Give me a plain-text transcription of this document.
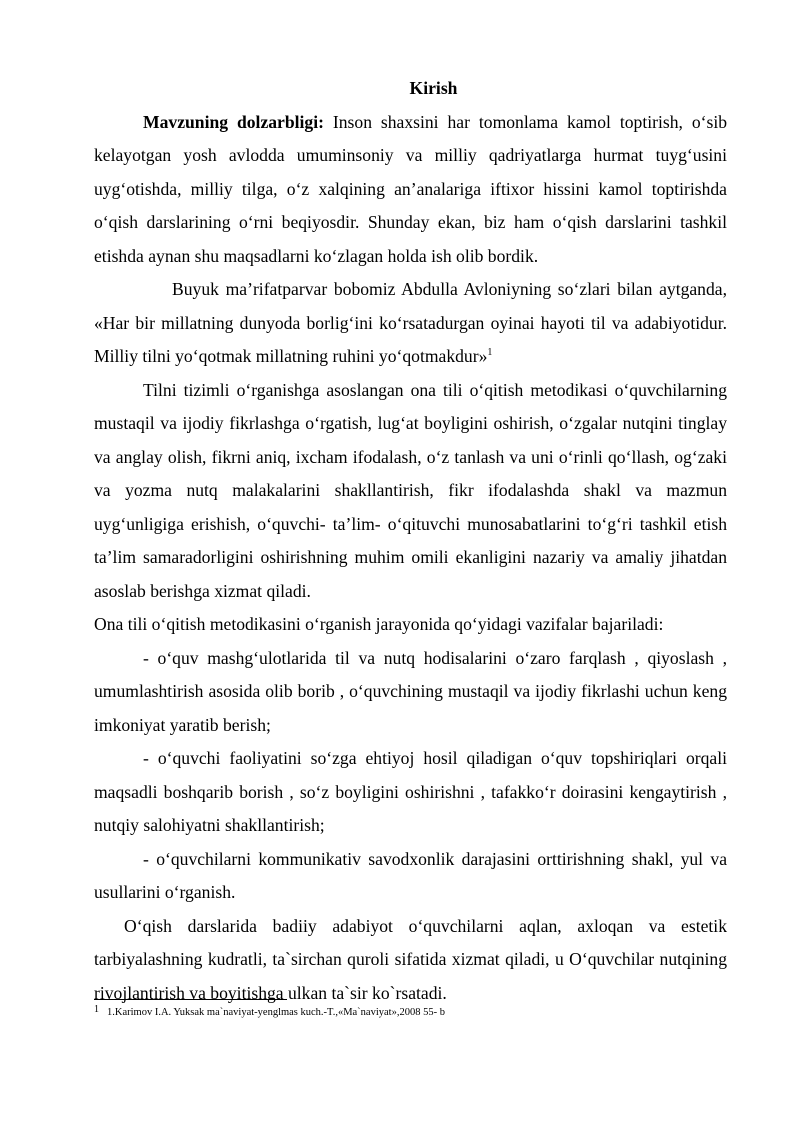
Kirish

Mavzuning dolzarbligi: Inson shaxsini har tomonlama kamol toptirish, o‘sib kelayotgan yosh avlodda umuminsoniy va milliy qadriyatlarga hurmat tuyg‘usini uyg‘otishda, milliy tilga, o‘z xalqining an’analariga iftixor hissini kamol toptirishda o‘qish darslarining o‘rni beqiyosdir. Shunday ekan, biz ham o‘qish darslarini tashkil etishda aynan shu maqsadlarni ko‘zlagan holda ish olib bordik.

Buyuk ma’rifatparvar bobomiz Abdulla Avloniyning so‘zlari bilan aytganda, «Har bir millatning dunyoda borlig‘ini ko‘rsatadurgan oyinai hayoti til va adabiyotidur. Milliy tilni yo‘qotmak millatning ruhini yo‘qotmakdur»$^1$

Tilni tizimli o‘rganishga asoslangan ona tili o‘qitish metodikasi o‘quvchilarning mustaqil va ijodiy fikrlashga o‘rgatish, lug‘at boyligini oshirish, o‘zgalar nutqini tinglay va anglay olish, fikrni aniq, ixcham ifodalash, o‘z tanlash va uni o‘rinli qo‘llash, og‘zaki va yozma nutq malakalarini shakllantirish, fikr ifodalashda shakl va mazmun uyg‘unligiga erishish, o‘quvchi- ta’lim- o‘qituvchi munosabatlarini to‘g‘ri tashkil etish ta’lim samaradorligini oshirishning muhim omili ekanligini nazariy va amaliy jihatdan asoslab berishga xizmat qiladi.

Ona tili o‘qitish metodikasini o‘rganish jarayonida qo‘yidagi vazifalar bajariladi:

- o‘quv mashg‘ulotlarida til va nutq hodisalarini o‘zaro farqlash , qiyoslash , umumlashtirish asosida olib borib , o‘quvchining mustaqil va ijodiy fikrlashi uchun keng imkoniyat yaratib berish;

- o‘quvchi faoliyatini so‘zga ehtiyoj hosil qiladigan o‘quv topshiriqlari orqali maqsadli boshqarib borish , so‘z boyligini oshirishni , tafakko‘r doirasini kengaytirish , nutqiy salohiyatni shakllantirish;

- o‘quvchilarni kommunikativ savodxonlik darajasini orttirishning shakl, yul va usullarini o‘rganish.

O‘qish darslarida badiiy adabiyot o‘quvchilarni aqlan, axloqan va estetik tarbiyalashning kudratli, ta`sirchan quroli sifatida xizmat qiladi, u O‘quvchilar nutqining rivojlantirish va boyitishga ulkan ta`sir ko`rsatadi.

1 1.Karimov I.A. Yuksak ma`naviyat-yenglmas kuch.-T.,«Ma`naviyat»,2008 55- b
